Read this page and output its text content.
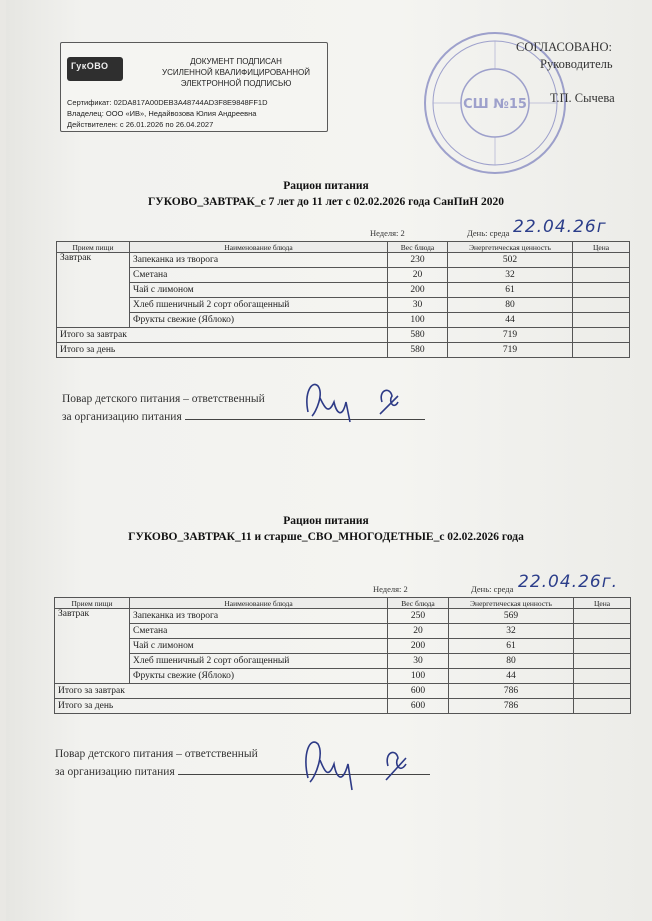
ГукОВО	ДОКУМЕНТ ПОДПИСАН
УСИЛЕННОЙ КВАЛИФИЦИРОВАННОЙ
ЭЛЕКТРОННОЙ ПОДПИСЬЮ
Сертификат: 02DA817A00DEB3A48744AD3F8E9848FF1D
Владелец: ООО «ИВ», Недайвозова Юлия Андреевна
Действителен: с 26.01.2026 по 26.04.2027
СШ №15
СОГЛАСОВАНО:
Руководитель
Т.П. Сычева
Рацион питания
ГУКОВО_ЗАВТРАК_с 7 лет до 11 лет с 02.02.2026 года СанПиН 2020
Неделя: 2	День: среда 22.04.26г
Прием пищи	Наименование блюда	Вес блюда	Энергетическая ценность	Цена
Завтрак	Запеканка из творога	230	502	
	Сметана	20	32	
	Чай с лимоном	200	61	
	Хлеб пшеничный 2 сорт обогащенный	30	80	
	Фрукты свежие (Яблоко)	100	44	
Итого за завтрак		580	719	
Итого за день		580	719	
Повар детского питания – ответственный
за организацию питания
Рацион питания
ГУКОВО_ЗАВТРАК_11 и старше_СВО_МНОГОДЕТНЫЕ_с 02.02.2026 года
Неделя: 2	День: среда 22.04.26г.
Прием пищи	Наименование блюда	Вес блюда	Энергетическая ценность	Цена
Завтрак	Запеканка из творога	250	569	
	Сметана	20	32	
	Чай с лимоном	200	61	
	Хлеб пшеничный 2 сорт обогащенный	30	80	
	Фрукты свежие (Яблоко)	100	44	
Итого за завтрак		600	786	
Итого за день		600	786	
Повар детского питания – ответственный
за организацию питания
